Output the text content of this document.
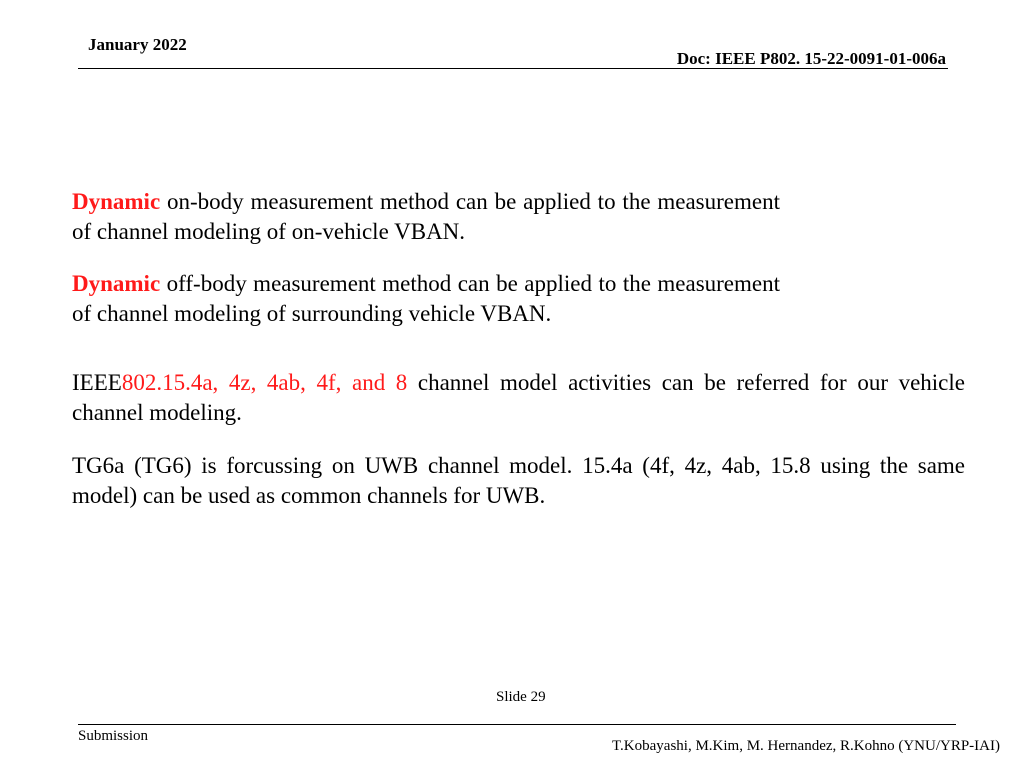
January 2022
Doc: IEEE P802. 15-22-0091-01-006a
Dynamic on-body measurement method can be applied to the measurement of channel modeling of on-vehicle VBAN.
Dynamic off-body measurement method can be applied to the measurement of channel modeling of surrounding vehicle VBAN.
IEEE802.15.4a, 4z, 4ab, 4f, and 8 channel model activities can be referred for our vehicle channel modeling.
TG6a (TG6) is forcussing on UWB channel model. 15.4a (4f, 4z, 4ab, 15.8 using the same model) can be used as common channels for UWB.
Slide 29
Submission
T.Kobayashi, M.Kim, M. Hernandez, R.Kohno (YNU/YRP-IAI)
